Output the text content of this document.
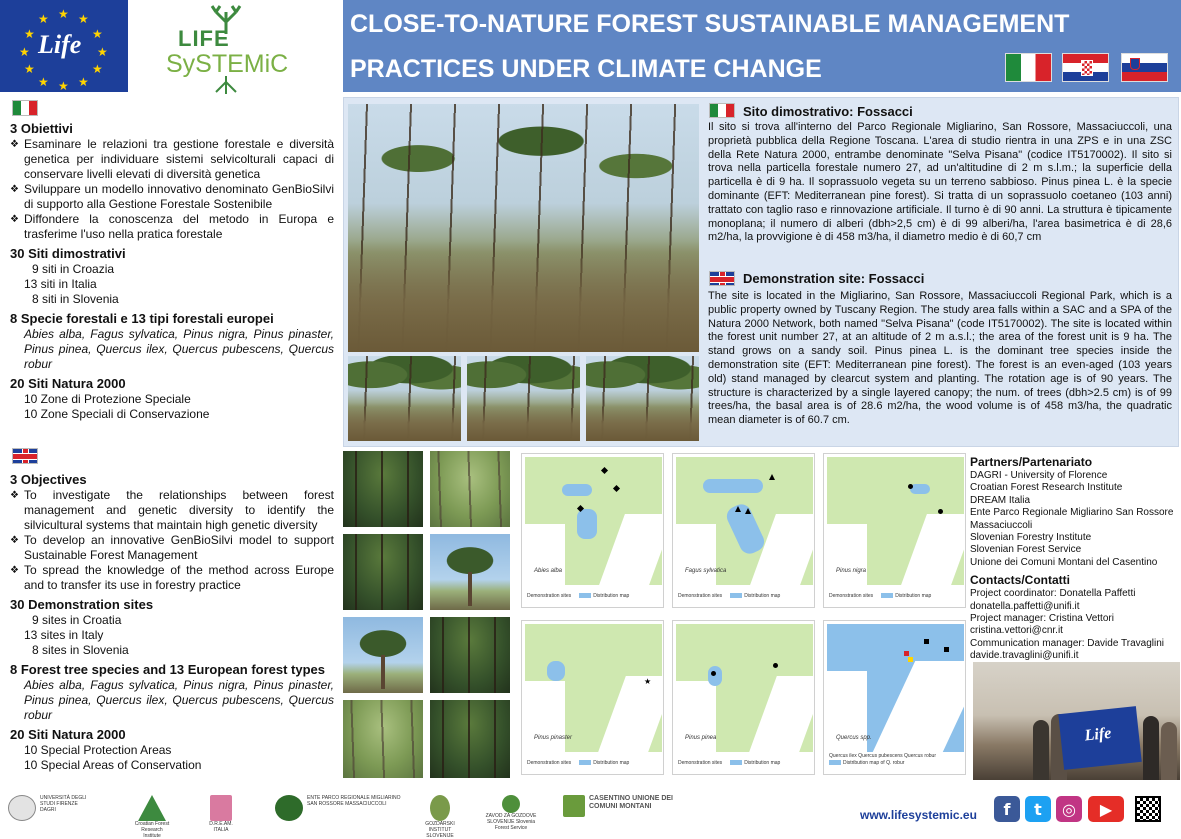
★ ★
★
★
★
★
★
★
★
★
★
★
Life	LIFE
SySTEMiC
CLOSE-TO-NATURE FOREST SUSTAINABLE MANAGEMENT
PRACTICES UNDER CLIMATE CHANGE
3 Obiettivi
❖ Esaminare le relazioni tra gestione forestale e diversità genetica per individuare sistemi selvicolturali capaci di conservare livelli elevati di diversità genetica
❖ Sviluppare un modello innovativo denominato GenBioSilvi di supporto alla Gestione Forestale Sostenibile
❖ Diffondere la conoscenza del metodo in Europa e trasferime l'uso nella pratica forestale
30 Siti dimostrativi
9 siti in Croazia
13 siti in Italia
8 siti in Slovenia
8 Specie forestali e 13 tipi forestali europei
Abies alba, Fagus sylvatica, Pinus nigra, Pinus pinaster, Pinus pinea, Quercus ilex, Quercus pubescens, Quercus robur
20 Siti Natura 2000
10 Zone di Protezione Speciale
10 Zone Speciali di Conservazione
3 Objectives
❖ To investigate the relationships between forest management and genetic diversity to identify the silvicultural systems that maintain high genetic diversity
❖ To develop an innovative GenBioSilvi model to support Sustainable Forest Management
❖ To spread the knowledge of the method across Europe and to transfer its use in forestry practice
30 Demonstration sites
9 sites in Croatia
13 sites in Italy
8 sites in Slovenia
8 Forest tree species and 13 European forest types
Abies alba, Fagus sylvatica, Pinus nigra, Pinus pinaster, Pinus pinea, Quercus ilex, Quercus pubescens, Quercus robur
20 Siti Natura 2000
10 Special Protection Areas
10 Special Areas of Conservation
Sito dimostrativo: Fossacci
Il sito si trova all'interno del Parco Regionale Migliarino, San Rossore, Massaciuccoli, una proprietà pubblica della Regione Toscana. L'area di studio rientra in una ZPS e in una ZSC della Rete Natura 2000, entrambe denominate "Selva Pisana" (codice IT5170002). Il sito si trova nella particella forestale numero 27, ad un'altitudine di 2 m s.l.m.; la superficie della particella è di 9 ha. Il soprassuolo vegeta su un terreno sabbioso. Pinus pinea L. è la specie dominante (EFT: Mediterranean pine forest). Si tratta di un soprassuolo coetaneo (103 anni) trattato con taglio raso e rinnovazione artificiale. Il turno è di 90 anni. La struttura è tipicamente monoplana; il numero di alberi (dbh>2,5 cm) è di 99 alberi/ha, l'area basimetrica è di 28,6 m2/ha, la provvigione è di 458 m3/ha, il diametro medio è di 60,7 cm
Demonstration site: Fossacci
The site is located in the Migliarino, San Rossore, Massaciuccoli Regional Park, which is a public property owned by Tuscany Region. The study area falls within a SAC and a SPA of the Natura 2000 Network, both named "Selva Pisana" (code IT5170002). The site is located within the forest unit number 27, at an altitude of 2 m a.s.l.; the area of the forest unit is 9 ha. The stand grows on a sandy soil. Pinus pinea L. is the dominant tree species inside the demonstration site (EFT: Mediterranean pine forest). The forest is an even-aged (103 years old) stand managed by clearcut system and planting. The rotation age is of 90 years. The structure is characterized by a single layered canopy; the num. of trees (dbh>2.5 cm) is of 99 trees/ha, the basal area is of 28.6 m2/ha, the wood volume is of 458 m3/ha, the quadratic mean diameter is of 60.7 cm.
Abies alba
Demonstration sites	Distribution map
Fagus sylvatica
Demonstration sites	Distribution map
Pinus nigra
Demonstration sites	Distribution map
★
Pinus pinaster
Demonstration sites	Distribution map
Pinus pinea
Demonstration sites	Distribution map
Quercus spp.
Quercus ilex Quercus pubescens Quercus robur
Distribution map of Q. robur
Partners/Partenariato
DAGRI - University of Florence
Croatian Forest Research Institute
DREAM Italia
Ente Parco Regionale Migliarino San Rossore Massaciuccoli
Slovenian Forestry Institute
Slovenian Forest Service
Unione dei Comuni Montani del Casentino
Contacts/Contatti
Project coordinator: Donatella Paffetti
donatella.paffetti@unifi.it
Project manager: Cristina Vettori
cristina.vettori@cnr.it
Communication manager: Davide Travaglini
davide.travaglini@unifi.it
Life
UNIVERSITÀ DEGLI STUDI FIRENZE DAGRI
Croatian Forest Research Institute
D.R.E.AM. ITALIA
ENTE PARCO REGIONALE MIGLIARINO SAN ROSSORE MASSACIUCCOLI
GOZDARSKI INSTITUT SLOVENIJE
ZAVOD ZA GOZDOVE SLOVENIJE Slovenia Forest Service
CASENTINO UNIONE DEI COMUNI MONTANI
www.lifesystemic.eu	f	t	◎	▶
